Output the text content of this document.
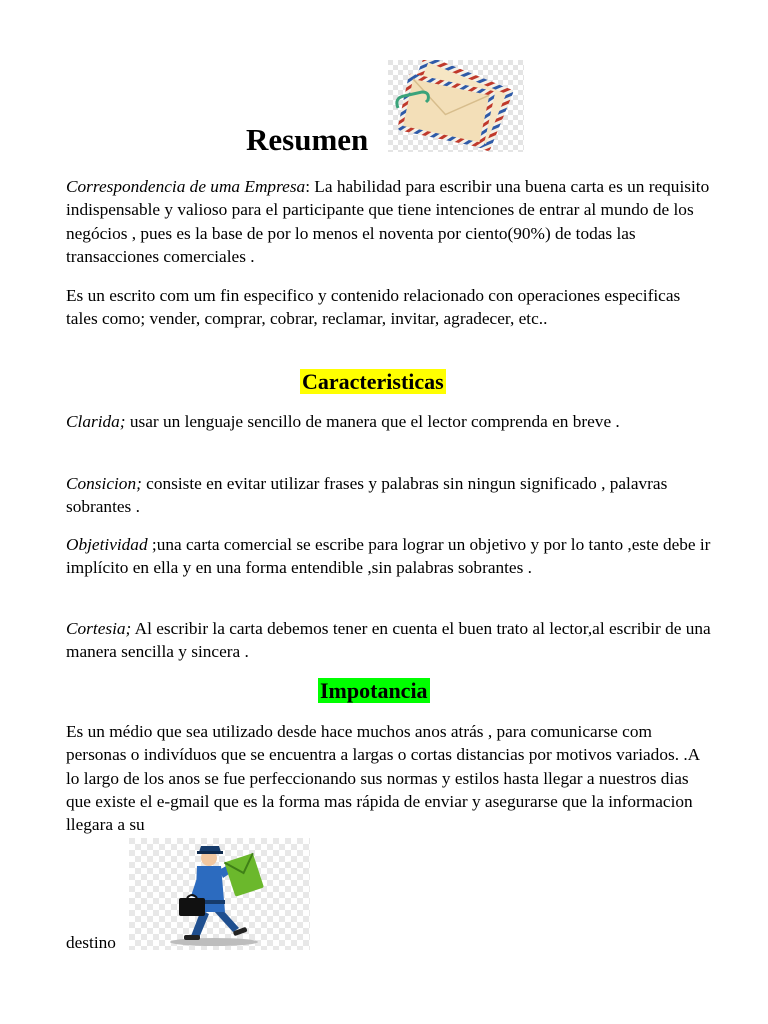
Resumen

Correspondencia de uma Empresa: La habilidad para escribir una buena carta es un requisito indispensable y valioso para el participante que tiene intenciones de entrar al mundo de los negócios , pues es la base de por lo menos el noventa por ciento(90%) de todas las transacciones comerciales .

Es un escrito com um fin especifico y contenido relacionado con operaciones especificas tales como; vender, comprar, cobrar, reclamar, invitar, agradecer, etc..

Caracteristicas

Clarida; usar un lenguaje sencillo de manera que el lector comprenda en breve .

Consicion; consiste en evitar utilizar frases y palabras sin ningun significado , palavras sobrantes .

Objetividad ;una carta comercial se escribe para lograr un objetivo y por lo tanto ,este debe ir implícito en ella y en una forma entendible ,sin palabras sobrantes .

Cortesia; Al escribir la carta debemos tener en cuenta el buen trato al lector,al escribir de una manera sencilla y sincera .

Impotancia

Es un médio que sea utilizado desde hace muchos anos atrás , para comunicarse com personas o indivíduos que se encuentra a largas o cortas distancias por motivos variados. .A lo largo de los anos se fue perfeccionando sus normas y estilos hasta llegar a nuestros dias que existe el e-gmail que es la forma mas rápida de enviar y asegurarse que la informacion llegara a su

destino
